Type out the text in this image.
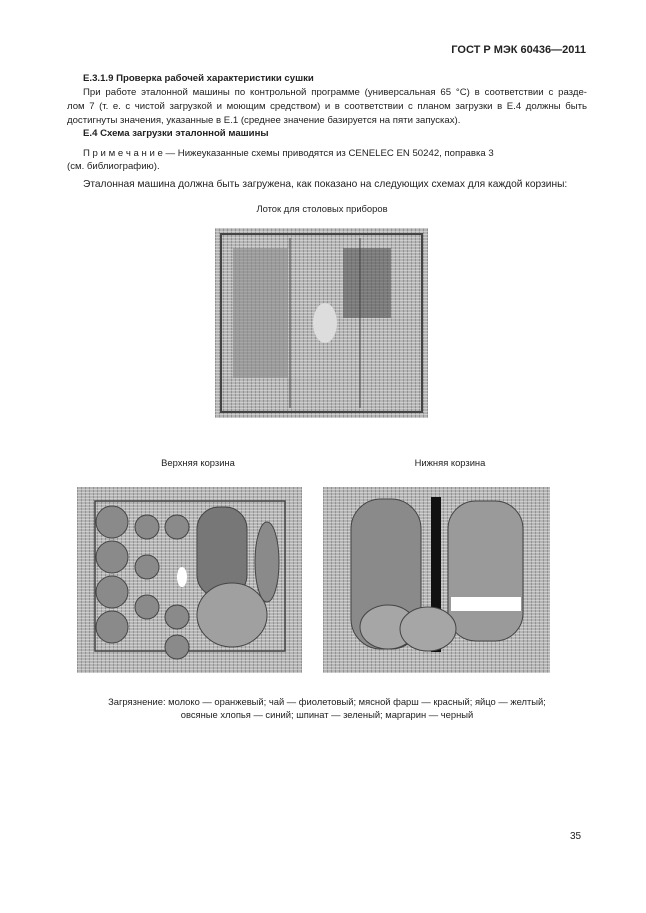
ГОСТ Р МЭК 60436—2011
Е.3.1.9 Проверка рабочей характеристики сушки
При работе эталонной машины по контрольной программе (универсальная 65 °С) в соответствии с разде-
лом 7 (т. е. с чистой загрузкой и моющим средством) и в соответствии с планом загрузки в Е.4 должны быть
достигнуты значения, указанные в Е.1 (среднее значение базируется на пяти запусках).
Е.4 Схема загрузки эталонной машины
П р и м е ч а н и е — Нижеуказанные схемы приводятся из CENELEC EN 50242, поправка 3
(см. библиографию).
Эталонная машина должна быть загружена, как показано на следующих схемах для каждой корзины:
Лоток для столовых приборов
Верхняя корзина	Нижняя корзина
Загрязнение: молоко — оранжевый; чай — фиолетовый; мясной фарш — красный; яйцо — желтый;
овсяные хлопья — синий; шпинат — зеленый; маргарин — черный
35
